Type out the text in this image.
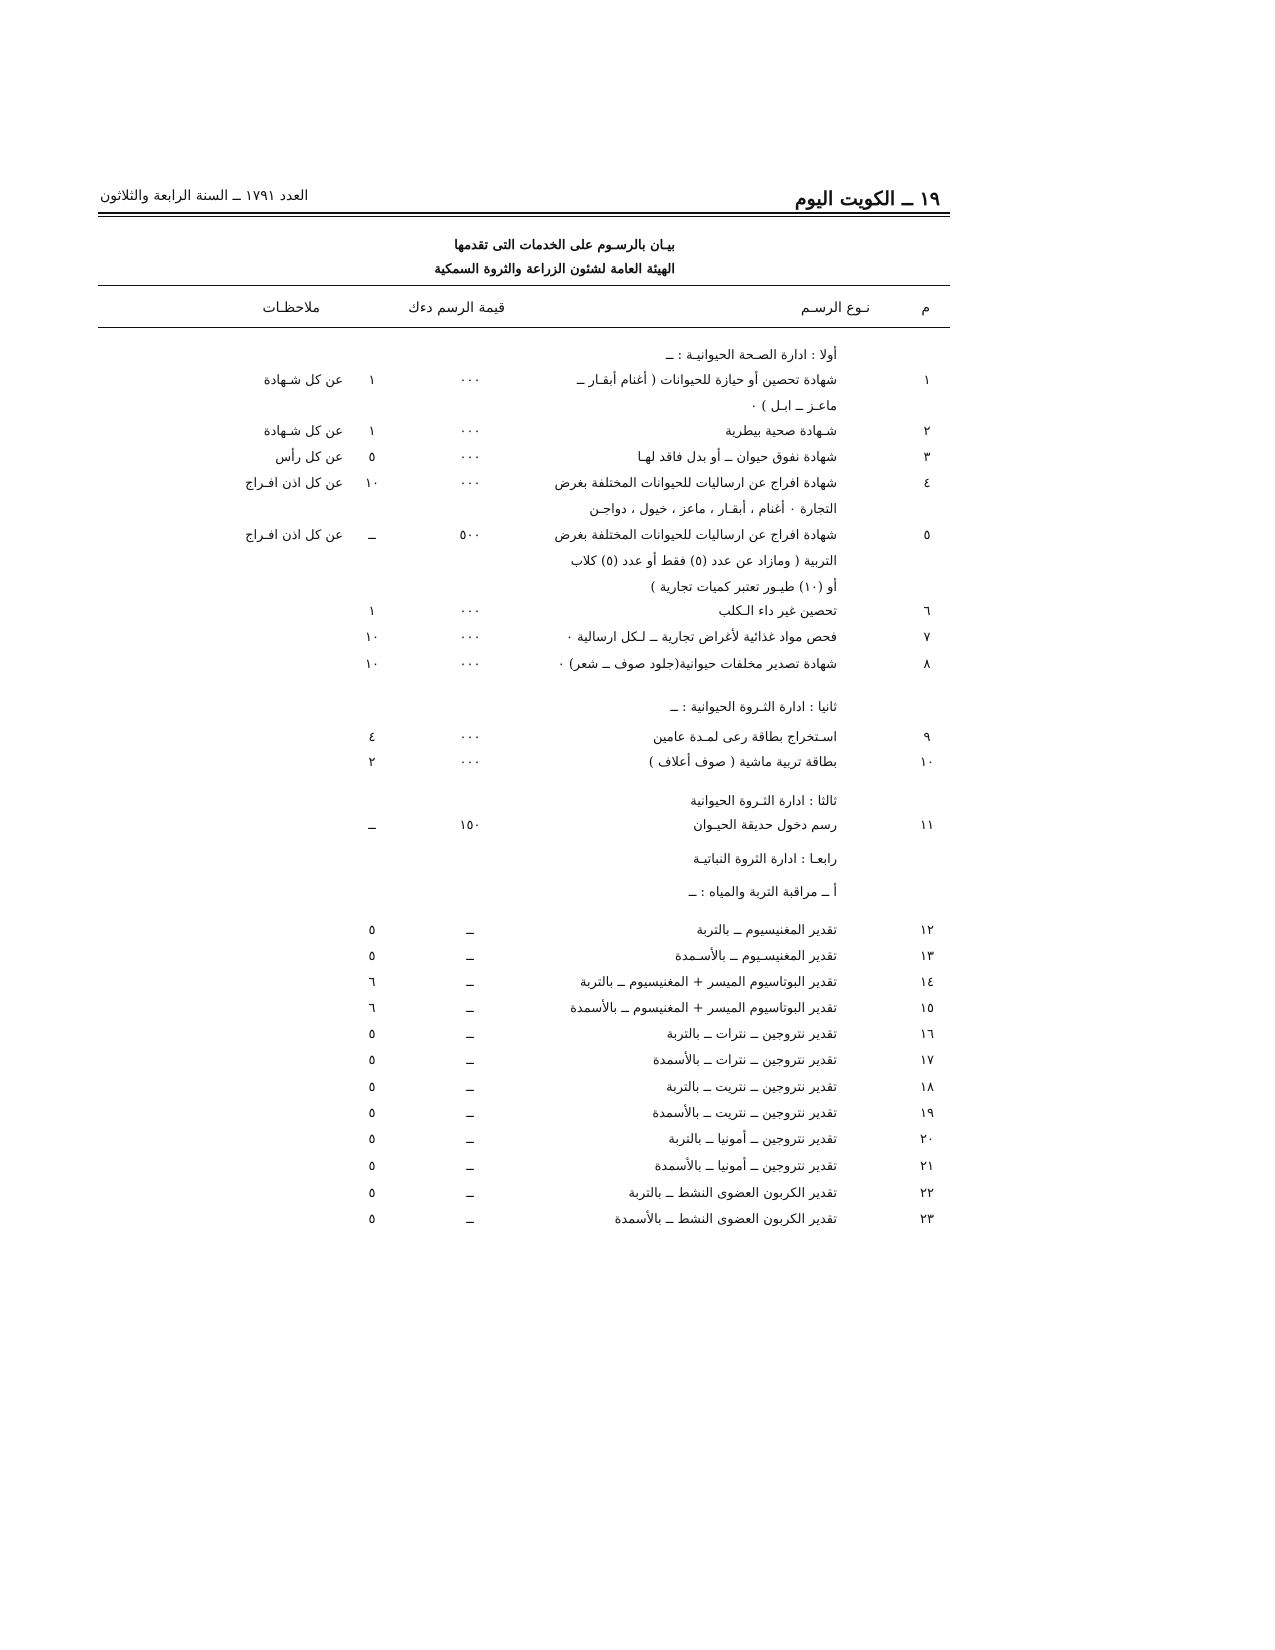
١٩ ــ الكويت اليوم
العدد ١٧٩١ ــ السنة الرابعة والثلاثون
بيـان بالرسـوم على الخدمات التى تقدمها
الهيئة العامة لشئون الزراعة والثروة السمكية
م
نـوع الرسـم
قيمة الرسم دءك
ملاحظـات
أولا : ادارة الصـحة الحيوانيـة : ــ
ثانيا : ادارة الثـروة الحيوانية : ــ
ثالثا : ادارة الثـروة الحيوانية
رابعـا : ادارة الثروة النباتيـة
أ ــ مراقبة التربة والمياه : ــ
١
شهادة تحصين أو حيازة للحيوانات ( أغنام أبقـار ــ
ماعـز ــ ابـل ) ٠
٠٠٠
١
عن كل شـهادة
٢
شـهادة صحية بيطرية
٠٠٠
١
عن كل شـهادة
٣
شهادة نفوق حيوان ــ أو بدل فاقد لهـا
٠٠٠
٥
عن كل رأس
٤
شهادة افراج عن ارساليات للحيوانات المختلفة بغرض
التجارة ٠ أغنام ، أبقـار ، ماعز ، خيول ، دواجـن
٠٠٠
١٠
عن كل اذن افـراج
٥
شهادة افراج عن ارساليات للحيوانات المختلفة بغرض
التربية ( ومازاد عن عدد (٥) فقط أو عدد (٥) كلاب
أو (١٠) طيـور تعتبر كميات تجارية )
٥٠٠
ــ
عن كل اذن افـراج
٦
تحصين غير داء الـكلب
٠٠٠
١
٧
فحص مواد غذائية لأغراض تجارية ــ لـكل ارسالية ٠
٠٠٠
١٠
٨
شهادة تصدير مخلفات حيوانية(جلود صوف ــ شعر) ٠
٠٠٠
١٠
٩
اسـتخراج بطاقة رعى لمـدة عامين
٠٠٠
٤
١٠
بطاقة تربية ماشية ( صوف أعلاف )
٠٠٠
٢
١١
رسم دخول حديقة الحيـوان
١٥٠
ــ
١٢
تقدير المغنيسيوم ــ بالتربة
ــ
٥
١٣
تقدير المغنيسـيوم ــ بالأسـمدة
ــ
٥
١٤
تقدير البوتاسيوم الميسر + المغنيسيوم ــ بالتربة
ــ
٦
١٥
تقدير البوتاسيوم الميسر + المغنيسوم ــ بالأسمدة
ــ
٦
١٦
تقدير نتروجين ــ نترات ــ بالتربة
ــ
٥
١٧
تقدير نتروجين ــ نترات ــ بالأسمدة
ــ
٥
١٨
تقدير نتروجين ــ نتريت ــ بالتربة
ــ
٥
١٩
تقدير نتروجين ــ نتريت ــ بالأسمدة
ــ
٥
٢٠
تقدير نتروجين ــ أمونيا ــ بالتربة
ــ
٥
٢١
تقدير نتروجين ــ أمونيا ــ بالأسمدة
ــ
٥
٢٢
تقدير الكربون العضوى النشط ــ بالتربة
ــ
٥
٢٣
تقدير الكربون العضوى النشط ــ بالأسمدة
ــ
٥
